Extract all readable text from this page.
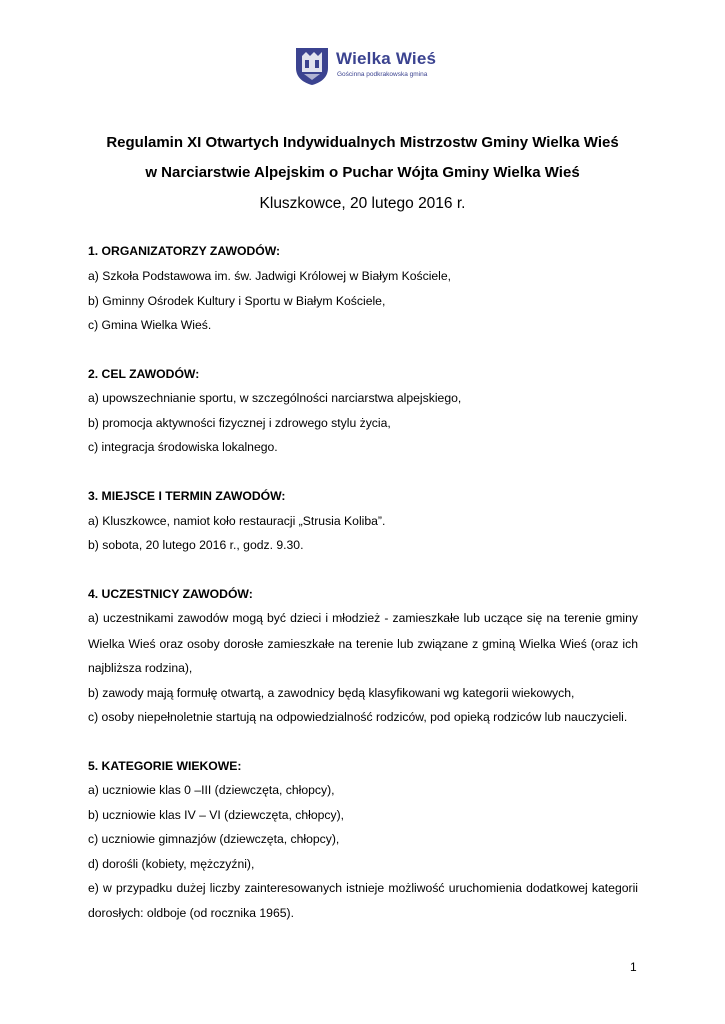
Wielka Wieś
Gościnna podkrakowska gmina
Regulamin XI Otwartych Indywidualnych Mistrzostw Gminy Wielka Wieś
w Narciarstwie Alpejskim o Puchar Wójta Gminy Wielka Wieś
Kluszkowce, 20 lutego 2016 r.
1. ORGANIZATORZY ZAWODÓW:
a) Szkoła Podstawowa im. św. Jadwigi Królowej w Białym Kościele,
b) Gminny Ośrodek Kultury i Sportu w Białym Kościele,
c) Gmina Wielka Wieś.
2. CEL ZAWODÓW:
a) upowszechnianie sportu, w szczególności narciarstwa alpejskiego,
b) promocja aktywności fizycznej i zdrowego stylu życia,
c) integracja środowiska lokalnego.
3. MIEJSCE I TERMIN ZAWODÓW:
a) Kluszkowce, namiot koło restauracji „Strusia Koliba”.
b) sobota, 20 lutego 2016 r., godz. 9.30.
4. UCZESTNICY ZAWODÓW:
a) uczestnikami zawodów mogą być dzieci i młodzież - zamieszkałe lub uczące się na terenie gminy
Wielka Wieś oraz osoby dorosłe zamieszkałe na terenie lub związane z gminą Wielka Wieś (oraz ich
najbliższa rodzina),
b) zawody mają formułę otwartą, a zawodnicy będą klasyfikowani wg kategorii wiekowych,
c) osoby niepełnoletnie startują na odpowiedzialność rodziców, pod opieką rodziców lub nauczycieli.
5. KATEGORIE WIEKOWE:
a) uczniowie klas 0 –III (dziewczęta, chłopcy),
b) uczniowie klas IV – VI (dziewczęta, chłopcy),
c) uczniowie gimnazjów (dziewczęta, chłopcy),
d) dorośli (kobiety, mężczyźni),
e) w przypadku dużej liczby zainteresowanych istnieje możliwość uruchomienia dodatkowej kategorii
dorosłych: oldboje (od rocznika 1965).
1
